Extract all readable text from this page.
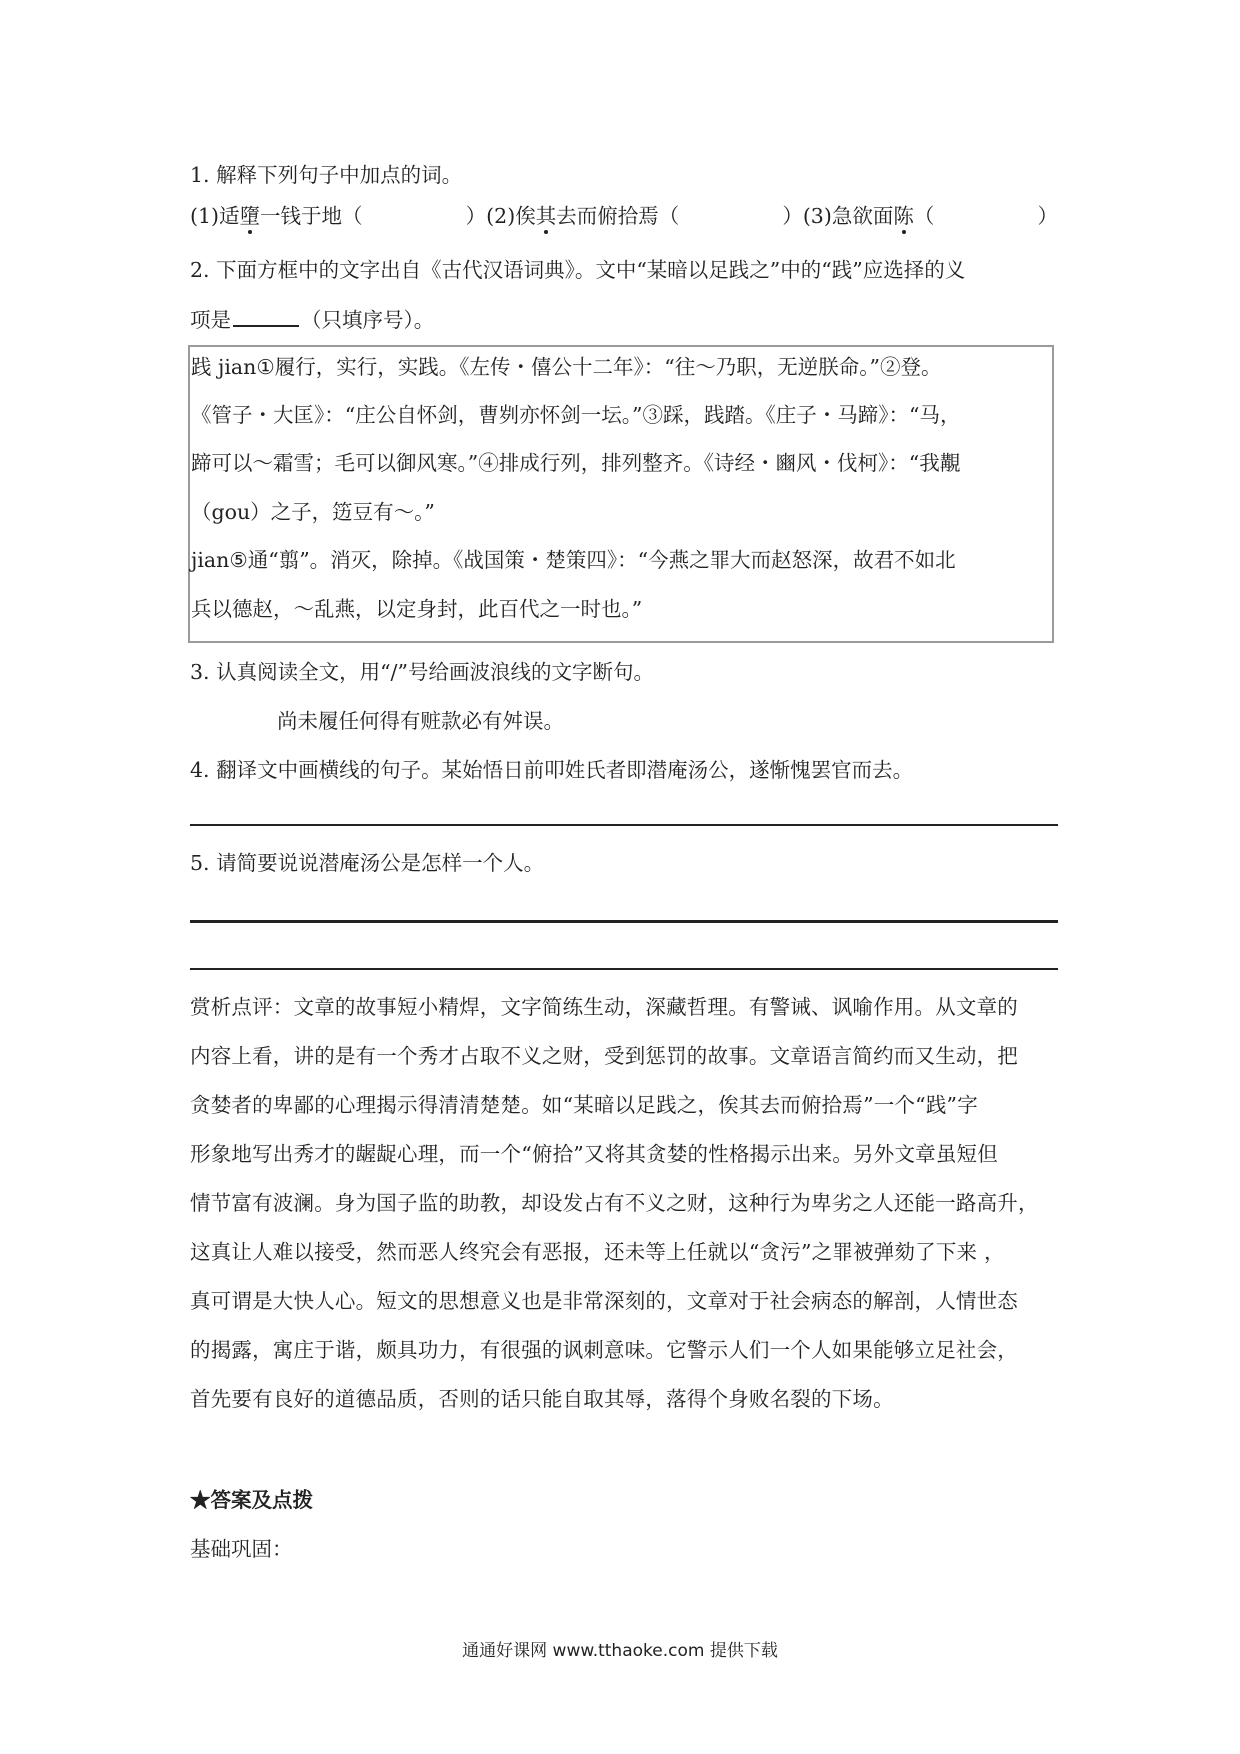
1. 解释下列句子中加点的词。
(1)适墮一钱于地（	）(2)俟其去而俯拾焉（	）(3)急欲面陈（	）
2. 下面方框中的文字出自《古代汉语词典》。文中“某暗以足践之”中的“践”应选择的义
项是	（只填序号）。
践 jian①履行，实行，实践。《左传・僖公十二年》：“往～乃职，无逆朕命。”②登。
《管子・大匡》：“庄公自怀剑，曹刿亦怀剑一坛。”③踩，践踏。《庄子・马蹄》：“马，
蹄可以～霜雪；毛可以御风寒。”④排成行列，排列整齐。《诗经・豳风・伐柯》：“我覯
（gou）之子，笾豆有～。”
jian⑤通“翦”。消灭，除掉。《战国策・楚策四》：“今燕之罪大而赵怒深，故君不如北
兵以德赵，～乱燕，以定身封，此百代之一时也。”
3. 认真阅读全文，用“/”号给画波浪线的文字断句。
尚未履任何得有赃款必有舛误。
4. 翻译文中画横线的句子。某始悟日前叩姓氏者即潜庵汤公，遂惭愧罢官而去。
5. 请简要说说潜庵汤公是怎样一个人。
赏析点评：文章的故事短小精焊，文字简练生动，深藏哲理。有警诫、讽喻作用。从文章的
内容上看，讲的是有一个秀才占取不义之财，受到惩罚的故事。文章语言简约而又生动，把
贪婪者的卑鄙的心理揭示得清清楚楚。如“某暗以足践之，俟其去而俯拾焉”一个“践”字
形象地写出秀才的龌龊心理，而一个“俯拾”又将其贪婪的性格揭示出来。另外文章虽短但
情节富有波澜。身为国子监的助教，却设发占有不义之财，这种行为卑劣之人还能一路高升，
这真让人难以接受，然而恶人终究会有恶报，还未等上任就以“贪污”之罪被弹劾了下来 ，
真可谓是大快人心。短文的思想意义也是非常深刻的，文章对于社会病态的解剖，人情世态
的揭露，寓庄于谐，颇具功力，有很强的讽刺意味。它警示人们一个人如果能够立足社会，
首先要有良好的道德品质，否则的话只能自取其辱，落得个身败名裂的下场。
★答案及点拨
基础巩固：
通通好课网 www.tthaoke.com 提供下载
